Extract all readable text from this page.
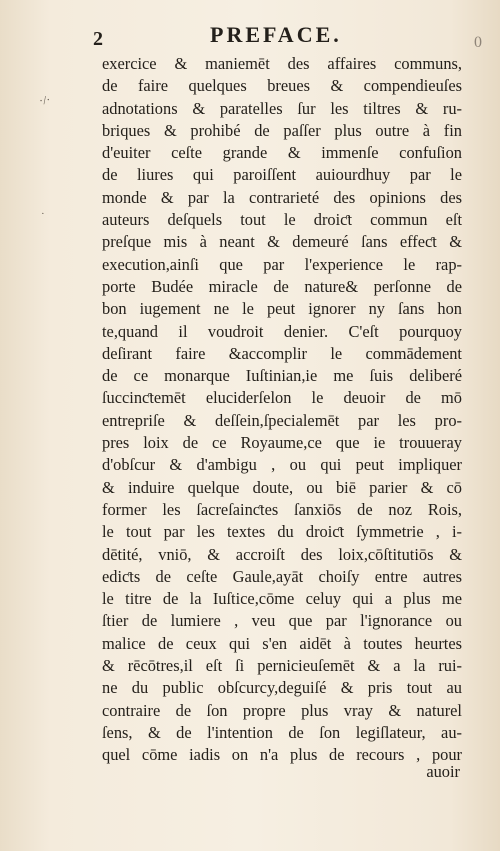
2	PREFACE.	0
·/·
·
exercice & maniemēt des affaires communs,
de faire quelques breues & compendieuſes
adnotations & paratelles ſur les tiltres & ru-
briques & prohibé de paſſer plus outre à fin
d'euiter ceſte grande & immenſe confuſion
de liures qui paroiſſent auiourdhuy par le
monde & par la contrarieté des opinions des
auteurs deſquels tout le droiƈt commun eſt
preſque mis à neant & demeuré ſans effeƈt &
execution,ainſi que par l'experience le rap-
porte Budée miracle de nature& perſonne de
bon iugement ne le peut ignorer ny ſans hon
te,quand il voudroit denier. C'eſt pourquoy
deſirant faire &accomplir le commādement
de ce monarque Iuſtinian,ie me ſuis deliberé
ſuccinƈtemēt eluciderſelon le deuoir de mō
entrepriſe & deſſein,ſpecialemēt par les pro-
pres loix de ce Royaume,ce que ie trouueray
d'obſcur & d'ambigu , ou qui peut impliquer
& induire quelque doute, ou biē parier & cō
former les ſacreſainƈtes ſanxiōs de noz Rois,
le tout par les textes du droiƈt ſymmetrie , i-
dētité, vniō, & accroiſt des loix,cōſtitutiōs &
ediƈts de ceſte Gaule,ayāt choiſy entre autres
le titre de la Iuſtice,cōme celuy qui a plus me
ſtier de lumiere , veu que par l'ignorance ou
malice de ceux qui s'en aidēt à toutes heurtes
& rēcōtres,il eſt ſi pernicieuſemēt & a la rui-
ne du public obſcurcy,deguiſé & pris tout au
contraire de ſon propre plus vray & naturel
ſens, & de l'intention de ſon legiſlateur, au-
quel cōme iadis on n'a plus de recours , pour
auoir
